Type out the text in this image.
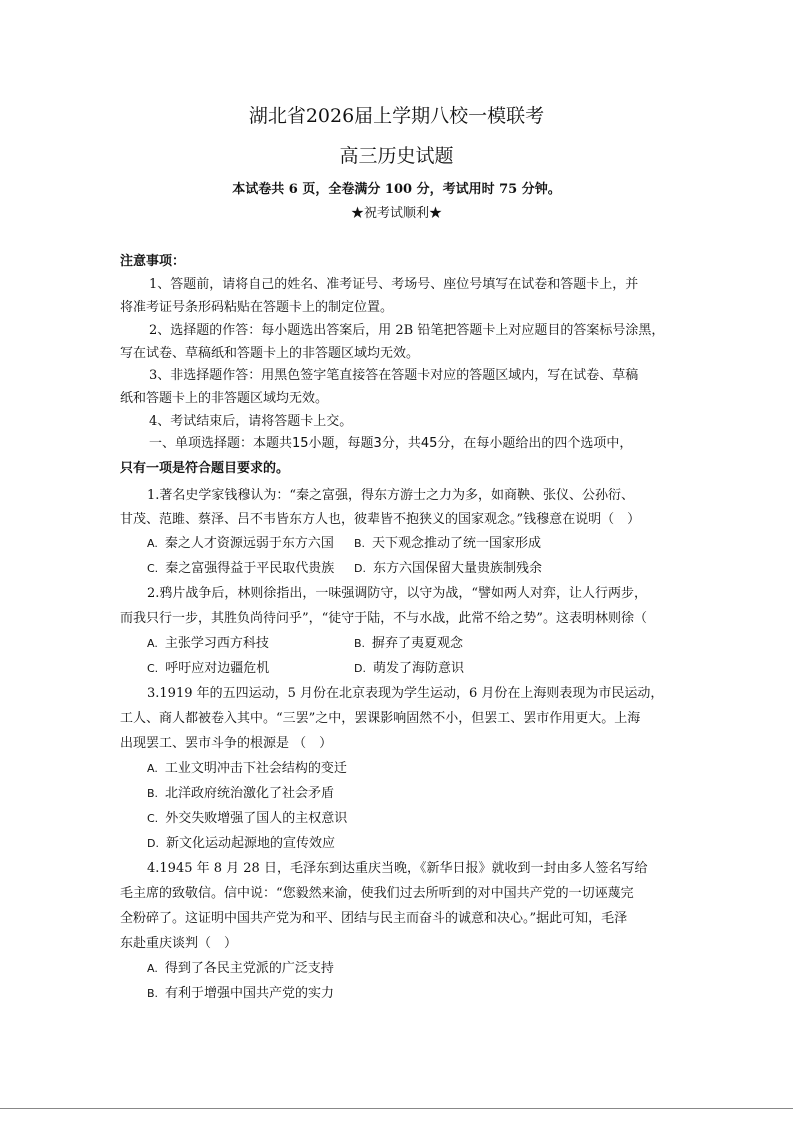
湖北省2026届上学期八校一模联考
高三历史试题
本试卷共 6 页，全卷满分 100 分，考试用时 75 分钟。
★祝考试顺利★
注意事项：
1、答题前，请将自己的姓名、准考证号、考场号、座位号填写在试卷和答题卡上，并
将准考证号条形码粘贴在答题卡上的制定位置。
2、选择题的作答：每小题选出答案后，用 2B 铅笔把答题卡上对应题目的答案标号涂黑，
写在试卷、草稿纸和答题卡上的非答题区域均无效。
3、非选择题作答：用黑色签字笔直接答在答题卡对应的答题区域内，写在试卷、草稿
纸和答题卡上的非答题区域均无效。
4、考试结束后，请将答题卡上交。
一、单项选择题：本题共15小题，每题3分，共45分，在每小题给出的四个选项中，
只有一项是符合题目要求的。
1.著名史学家钱穆认为：“秦之富强，得东方游士之力为多，如商鞅、张仪、公孙衍、
甘茂、范雎、蔡泽、吕不韦皆东方人也，彼辈皆不抱狭义的国家观念。”钱穆意在说明（　）
A. 秦之人才资源远弱于东方六国 B. 天下观念推动了统一国家形成
C. 秦之富强得益于平民取代贵族 D. 东方六国保留大量贵族制残余
2.鸦片战争后，林则徐指出，一味强调防守，以守为战，“譬如两人对弈，让人行两步，
而我只行一步，其胜负尚待问乎”，“徒守于陆，不与水战，此常不给之势”。这表明林则徐（
A. 主张学习西方科技	B. 摒弃了夷夏观念
C. 呼吁应对边疆危机	D. 萌发了海防意识
3.1919 年的五四运动，5 月份在北京表现为学生运动，6 月份在上海则表现为市民运动，
工人、商人都被卷入其中。“三罢”之中，罢课影响固然不小，但罢工、罢市作用更大。上海
出现罢工、罢市斗争的根源是 （　）
A. 工业文明冲击下社会结构的变迁
B. 北洋政府统治激化了社会矛盾
C. 外交失败增强了国人的主权意识
D. 新文化运动起源地的宣传效应
4.1945 年 8 月 28 日，毛泽东到达重庆当晚，《新华日报》就收到一封由多人签名写给
毛主席的致敬信。信中说：“您毅然来渝，使我们过去所听到的对中国共产党的一切诬蔑完
全粉碎了。这证明中国共产党为和平、团结与民主而奋斗的诚意和决心。”据此可知，毛泽
东赴重庆谈判（　）
A. 得到了各民主党派的广泛支持
B. 有利于增强中国共产党的实力
